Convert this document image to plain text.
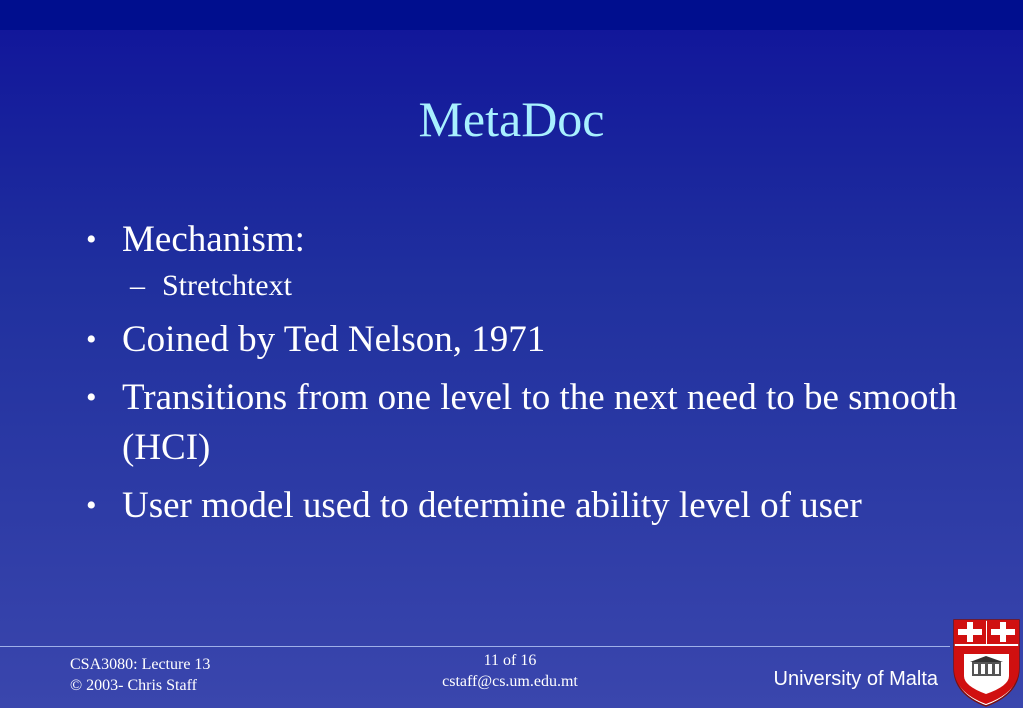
MetaDoc
• Mechanism:
– Stretchtext
• Coined by Ted Nelson, 1971
• Transitions from one level to the next need to be smooth (HCI)
• User model used to determine ability level of user
CSA3080: Lecture 13
© 2003- Chris Staff
11 of 16
cstaff@cs.um.edu.mt	University of Malta
